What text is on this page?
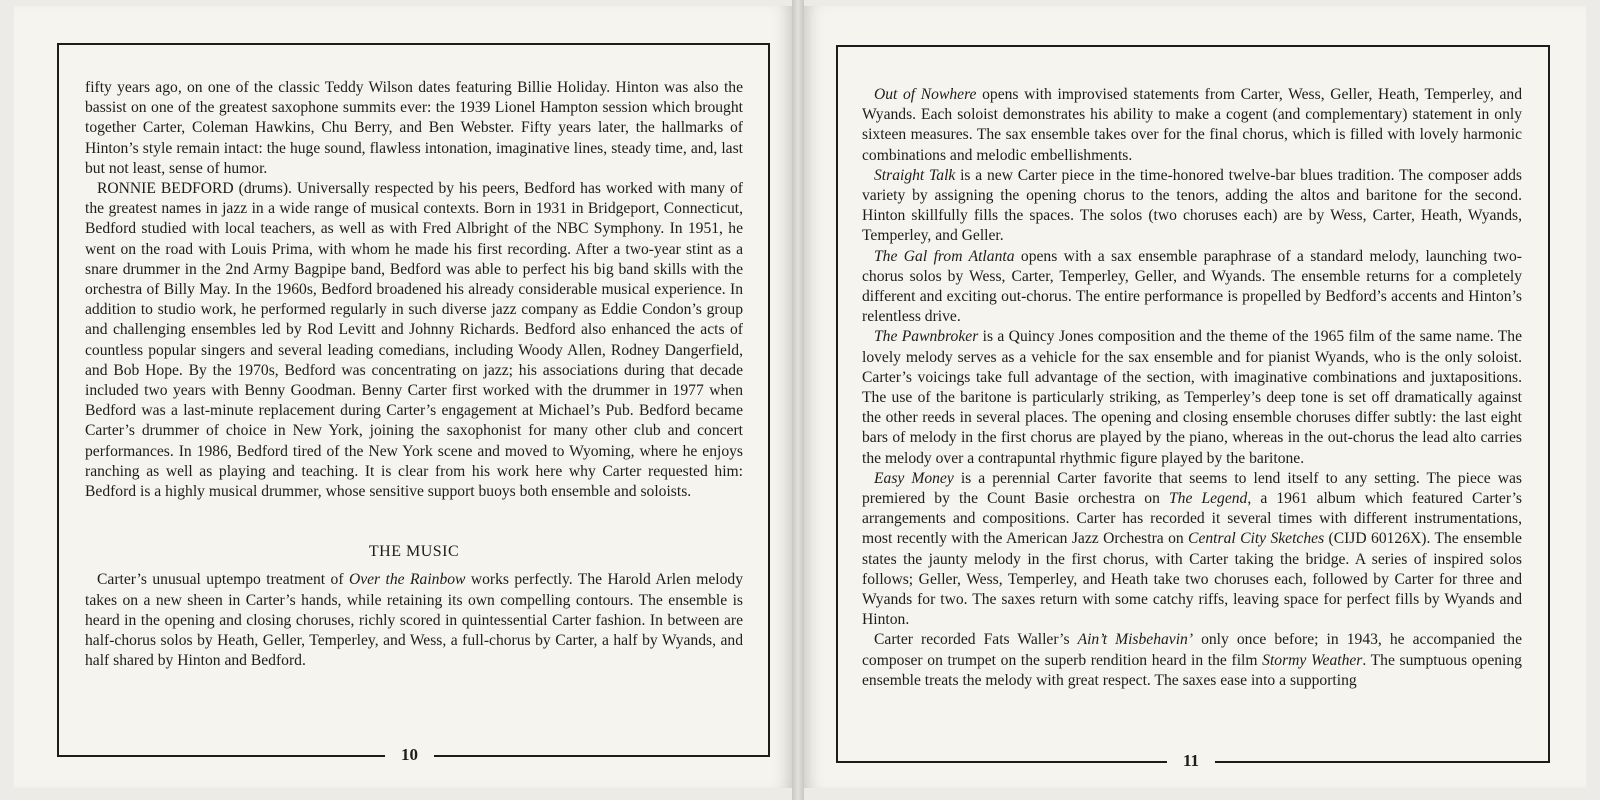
fifty years ago, on one of the classic Teddy Wilson dates featuring Billie Holiday. Hinton was also the bassist on one of the greatest saxophone summits ever: the 1939 Lionel Hampton session which brought together Carter, Coleman Hawkins, Chu Berry, and Ben Webster. Fifty years later, the hallmarks of Hinton’s style remain intact: the huge sound, flawless intonation, imaginative lines, steady time, and, last but not least, sense of humor.

RONNIE BEDFORD (drums). Universally respected by his peers, Bedford has worked with many of the greatest names in jazz in a wide range of musical contexts. Born in 1931 in Bridgeport, Connecticut, Bedford studied with local teachers, as well as with Fred Albright of the NBC Symphony. In 1951, he went on the road with Louis Prima, with whom he made his first recording. After a two-year stint as a snare drummer in the 2nd Army Bagpipe band, Bedford was able to perfect his big band skills with the orchestra of Billy May. In the 1960s, Bedford broadened his already considerable musical experience. In addition to studio work, he performed regularly in such diverse jazz company as Eddie Condon’s group and challenging ensembles led by Rod Levitt and Johnny Richards. Bedford also enhanced the acts of countless popular singers and several leading comedians, including Woody Allen, Rodney Dangerfield, and Bob Hope. By the 1970s, Bedford was concentrating on jazz; his associations during that decade included two years with Benny Goodman. Benny Carter first worked with the drummer in 1977 when Bedford was a last-minute replacement during Carter’s engagement at Michael’s Pub. Bedford became Carter’s drummer of choice in New York, joining the saxophonist for many other club and concert performances. In 1986, Bedford tired of the New York scene and moved to Wyoming, where he enjoys ranching as well as playing and teaching. It is clear from his work here why Carter requested him: Bedford is a highly musical drummer, whose sensitive support buoys both ensemble and soloists.

THE MUSIC

Carter’s unusual uptempo treatment of Over the Rainbow works perfectly. The Harold Arlen melody takes on a new sheen in Carter’s hands, while retaining its own compelling contours. The ensemble is heard in the opening and closing choruses, richly scored in quintessential Carter fashion. In between are half-chorus solos by Heath, Geller, Temperley, and Wess, a full-chorus by Carter, a half by Wyands, and half shared by Hinton and Bedford.

10

Out of Nowhere opens with improvised statements from Carter, Wess, Geller, Heath, Temperley, and Wyands. Each soloist demonstrates his ability to make a cogent (and complementary) statement in only sixteen measures. The sax ensemble takes over for the final chorus, which is filled with lovely harmonic combinations and melodic embellishments.

Straight Talk is a new Carter piece in the time-honored twelve-bar blues tradition. The composer adds variety by assigning the opening chorus to the tenors, adding the altos and baritone for the second. Hinton skillfully fills the spaces. The solos (two choruses each) are by Wess, Carter, Heath, Wyands, Temperley, and Geller.

The Gal from Atlanta opens with a sax ensemble paraphrase of a standard melody, launching two-chorus solos by Wess, Carter, Temperley, Geller, and Wyands. The ensemble returns for a completely different and exciting out-chorus. The entire performance is propelled by Bedford’s accents and Hinton’s relentless drive.

The Pawnbroker is a Quincy Jones composition and the theme of the 1965 film of the same name. The lovely melody serves as a vehicle for the sax ensemble and for pianist Wyands, who is the only soloist. Carter’s voicings take full advantage of the section, with imaginative combinations and juxtapositions. The use of the baritone is particularly striking, as Temperley’s deep tone is set off dramatically against the other reeds in several places. The opening and closing ensemble choruses differ subtly: the last eight bars of melody in the first chorus are played by the piano, whereas in the out-chorus the lead alto carries the melody over a contrapuntal rhythmic figure played by the baritone.

Easy Money is a perennial Carter favorite that seems to lend itself to any setting. The piece was premiered by the Count Basie orchestra on The Legend, a 1961 album which featured Carter’s arrangements and compositions. Carter has recorded it several times with different instrumentations, most recently with the American Jazz Orchestra on Central City Sketches (CIJD 60126X). The ensemble states the jaunty melody in the first chorus, with Carter taking the bridge. A series of inspired solos follows; Geller, Wess, Temperley, and Heath take two choruses each, followed by Carter for three and Wyands for two. The saxes return with some catchy riffs, leaving space for perfect fills by Wyands and Hinton.

Carter recorded Fats Waller’s Ain’t Misbehavin’ only once before; in 1943, he accompanied the composer on trumpet on the superb rendition heard in the film Stormy Weather. The sumptuous opening ensemble treats the melody with great respect. The saxes ease into a supporting

11
